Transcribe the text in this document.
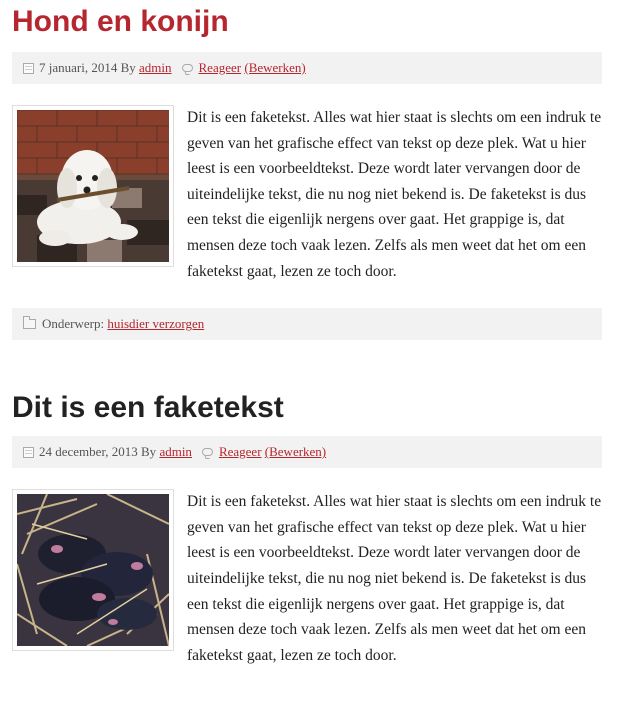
Hond en konijn
7 januari, 2014
By
admin Reageer
(Bewerken)

Dit is een faketekst. Alles wat hier staat is slechts om een indruk te geven van het grafische effect van tekst op deze plek. Wat u hier leest is een voorbeeldtekst. Deze wordt later vervangen door de uiteindelijke tekst, die nu nog niet bekend is. De faketekst is dus een tekst die eigenlijk nergens over gaat. Het grappige is, dat mensen deze toch vaak lezen. Zelfs als men weet dat het om een faketekst gaat, lezen ze toch door.

Onderwerp:
huisdier verzorgen
Dit is een faketekst
24 december, 2013
By
admin Reageer
(Bewerken)

Dit is een faketekst. Alles wat hier staat is slechts om een indruk te geven van het grafische effect van tekst op deze plek. Wat u hier leest is een voorbeeldtekst. Deze wordt later vervangen door de uiteindelijke tekst, die nu nog niet bekend is. De faketekst is dus een tekst die eigenlijk nergens over gaat. Het grappige is, dat mensen deze toch vaak lezen. Zelfs als men weet dat het om een faketekst gaat, lezen ze toch door.
